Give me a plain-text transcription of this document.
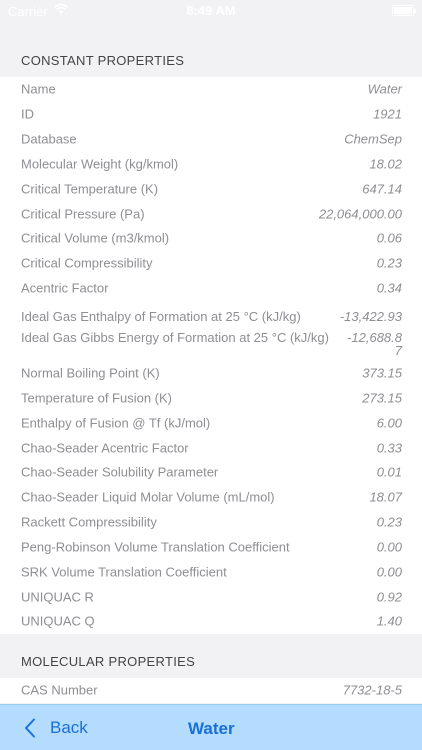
Carrier	8:49 AM
CONSTANT PROPERTIES
Name	Water
ID	1921
Database	ChemSep
Molecular Weight (kg/kmol)	18.02
Critical Temperature (K)	647.14
Critical Pressure (Pa)	22,064,000.00
Critical Volume (m3/kmol)	0.06
Critical Compressibility	0.23
Acentric Factor	0.34
Ideal Gas Enthalpy of Formation at 25 °C (kJ/kg)	-13,422.93
Ideal Gas Gibbs Energy of Formation at 25 °C (kJ/kg) -12,688.87
Normal Boiling Point (K)	373.15
Temperature of Fusion (K)	273.15
Enthalpy of Fusion @ Tf (kJ/mol)	6.00
Chao-Seader Acentric Factor	0.33
Chao-Seader Solubility Parameter	0.01
Chao-Seader Liquid Molar Volume (mL/mol)	18.07
Rackett Compressibility	0.23
Peng-Robinson Volume Translation Coefficient	0.00
SRK Volume Translation Coefficient	0.00
UNIQUAC R	0.92
UNIQUAC Q	1.40
MOLECULAR PROPERTIES
CAS Number	7732-18-5
Back	Water
